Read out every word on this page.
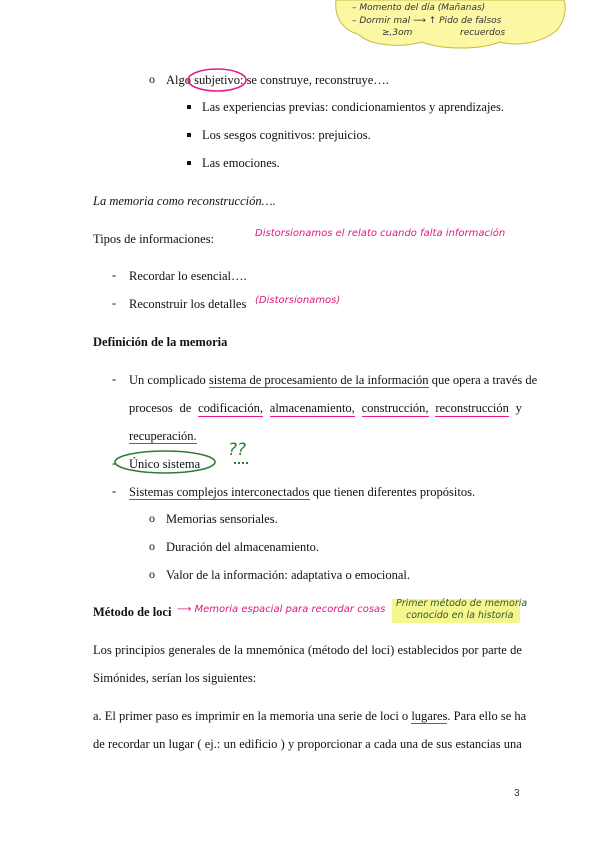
– Momento del día (Mañanas)
– Dormir mal ⟶ ↑ Pido de falsos
recuerdos
≥,3om
o Algo subjetivo: se construye, reconstruye….
Las experiencias previas: condicionamientos y aprendizajes.
Los sesgos cognitivos: prejuicios.
Las emociones.
La memoria como reconstrucción….
Tipos de informaciones:	Distorsionamos el relato cuando falta información
- Recordar lo esencial….
- Reconstruir los detalles (Distorsionamos)
Definición de la memoria
- Un complicado sistema de procesamiento de la información que opera a través de
procesos de codificación, almacenamiento, construcción, reconstrucción y
recuperación.
- Único sistema
??
- Sistemas complejos interconectados que tienen diferentes propósitos.
o Memorias sensoriales.
o Duración del almacenamiento.
o Valor de la información: adaptativa o emocional.
Método de loci ⟶ Memoria espacial para recordar cosas
Primer método de memoria
conocido en la historia
Los principios generales de la mnemónica (método del loci) establecidos por parte de
Simónides, serían los siguientes:
a. El primer paso es imprimir en la memoria una serie de loci o lugares. Para ello se ha
de recordar un lugar ( ej.: un edificio ) y proporcionar a cada una de sus estancias una
3
